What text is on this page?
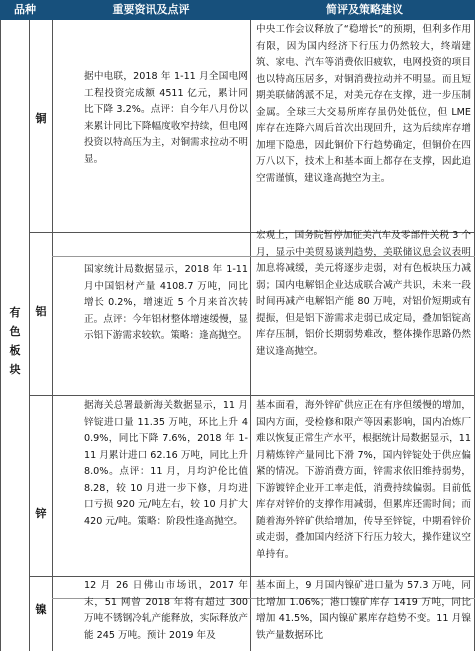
品种	重要资讯及点评	简评及策略建议
有色板块
铜
据中电联，2018 年 1-11 月全国电网工程投资完成额 4511 亿元，累计同比下降 3.2%。点评：自今年八月份以来累计同比下降幅度收窄持续，但电网投资以特高压为主，对铜需求拉动不明显。
中央工作会议释放了“稳增长”的预期，但利多作用有限，因为国内经济下行压力仍然较大，终端建筑、家电、汽车等消费依旧疲软，电网投资的项目也以特高压居多，对铜消费拉动并不明显。而且短期美联储鸽派不足，对美元存在支撑，进一步压制金属。全球三大交易所库存虽仍处低位，但 LME 库存在连降六周后首次出现回升，这为后续库存增加埋下隐患，因此铜价下行趋势确定，但铜价在四万八以下，技术上和基本面上都存在支撑，因此追空需谨慎，建议逢高抛空为主。
铝
国家统计局数据显示，2018 年 1-11 月中国铝材产量 4108.7 万吨，同比增长 0.2%，增速近 5 个月来首次转正。点评：今年铝材整体增速缓慢，显示铝下游需求较软。策略：逢高抛空。
宏观上，国务院暂停加征美汽车及零部件关税 3 个月，显示中美贸易谈判趋势，美联储议息会议表明加息将减缓，美元将逐步走弱，对有色板块压力减弱；国内电解铝企业达成联合减产共识，未来一段时间再减产电解铝产能 80 万吨，对铝价短期或有提振，但是铝下游需求走弱已成定局，叠加铝锭高库存压制，铝价长期弱势难改，整体操作思路仍然建议逢高抛空。
锌
据海关总署最新海关数据显示，11 月锌锭进口量 11.35 万吨，环比上升 40.9%，同比下降 7.6%，2018 年 1-11 月累计进口 62.16 万吨，同比上升 8.0%。点评：11 月，月均沪伦比值 8.28，较 10 月进一步下修，月均进口亏损 920 元/吨左右，较 10 月扩大 420 元/吨。策略：阶段性逢高抛空。
基本面看，海外锌矿供应正在有序但缓慢的增加，国内方面，受检修和限产等因素影响，国内冶炼厂难以恢复正常生产水平，根据统计局数据显示，11 月精炼锌产量同比下滑 7%，国内锌锭处于供应偏紧的情况。下游消费方面，锌需求依旧维持弱势，下游镀锌企业开工率走低，消费持续偏弱。目前低库存对锌价的支撑作用减弱，但累库还需时间；而随着海外锌矿供给增加，传导至锌锭，中期看锌价或走弱，叠加国内经济下行压力较大，操作建议空单持有。
镍
12 月 26 日佛山市场讯，2017 年末，51 网曾 2018 年将有超过 300 万吨不锈钢冷轧产能释放，实际释放产能 245 万吨。预计 2019 年及
基本面上，9 月国内镍矿进口量为 57.3 万吨，同比增加 1.06%；港口镍矿库存 1419 万吨，同比增加 41.5%，国内镍矿累库存趋势不变。11 月镍铁产量数据环比
